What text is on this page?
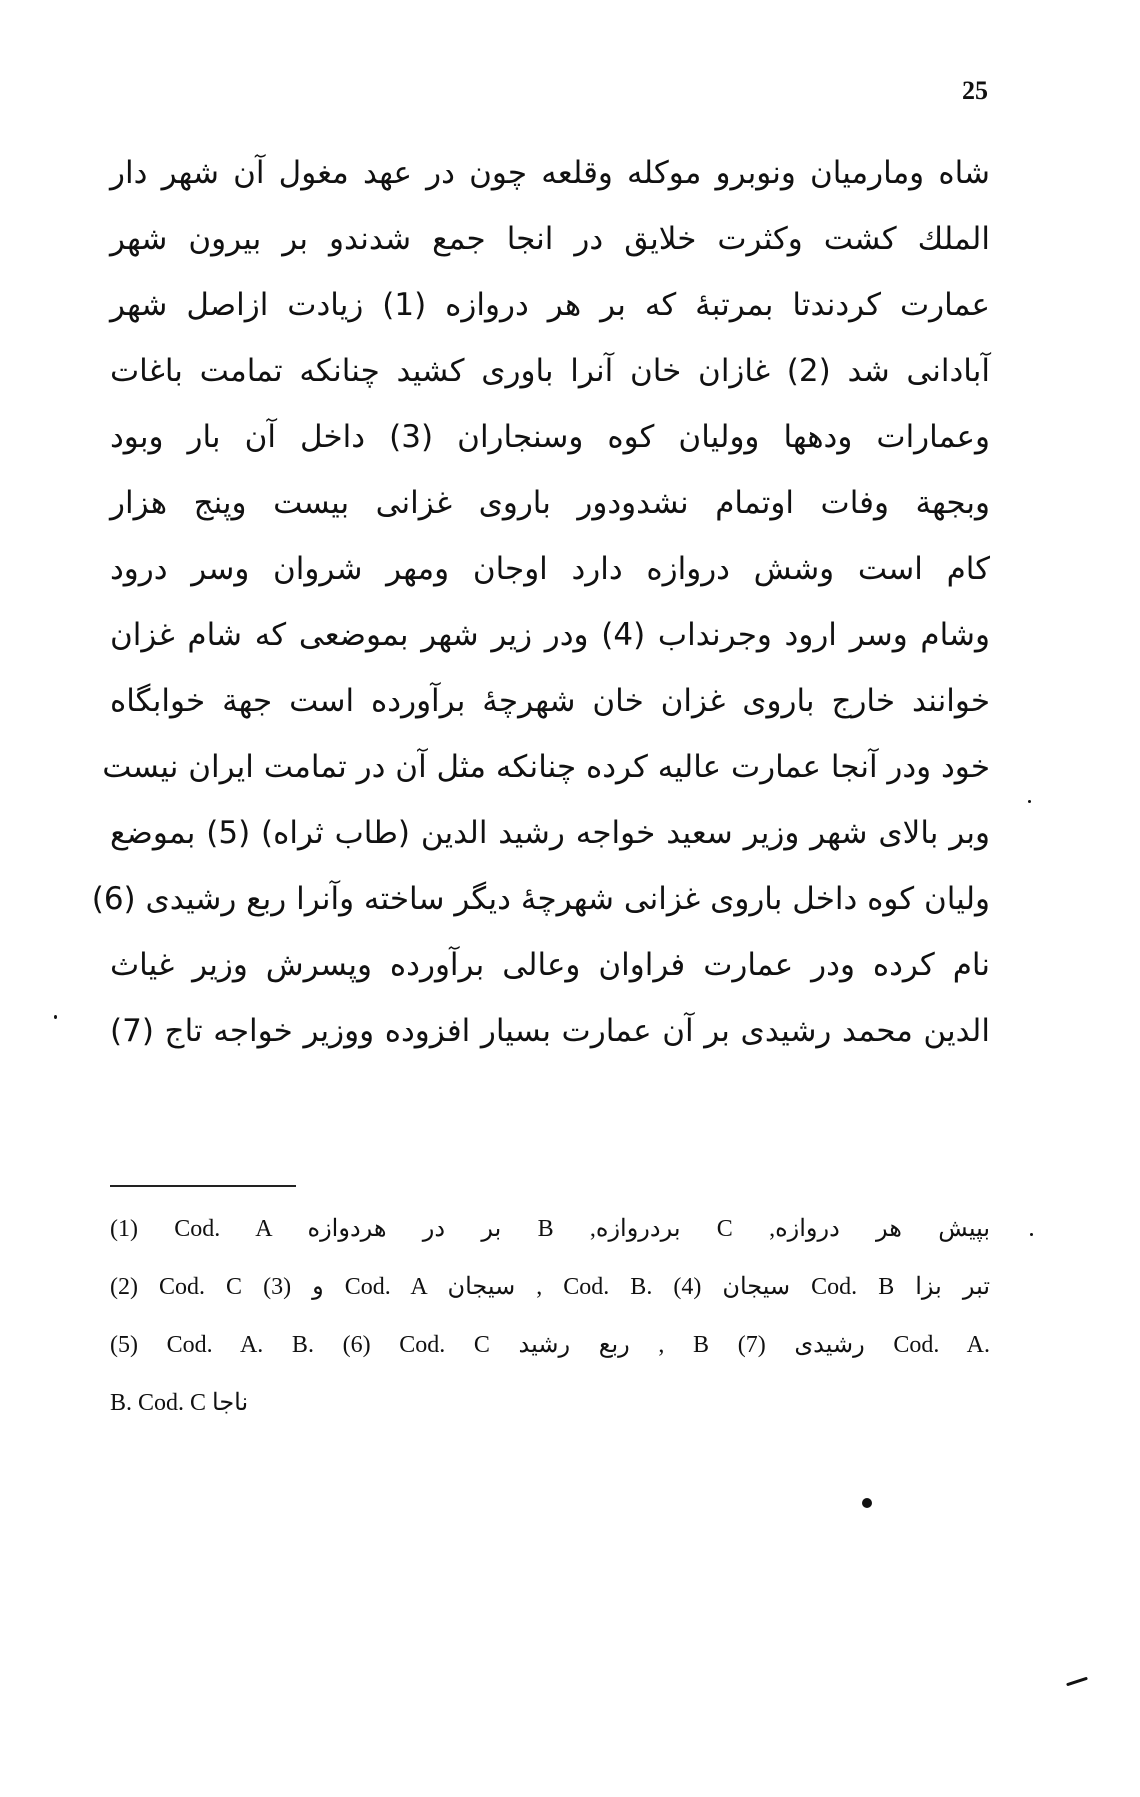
25
شاه ومارمیان ونوبرو موکله وقلعه چون در عهد مغول آن شهر دار
الملك کشت وکثرت خلایق در انجا جمع شدندو بر بیرون شهر
عمارت کردندتا بمرتبهٔ که بر هر دروازه (1) زیادت ازاصل شهر
آبادانی شد (2) غازان خان آنرا باوری کشید چنانکه تمامت باغات
وعمارات ودهها وولیان کوه وسنجاران (3) داخل آن بار وبود
وبجهة وفات اوتمام نشدودور باروی غزانی بیست وپنج هزار
کام است وشش دروازه دارد اوجان ومهر شروان وسر درود
وشام وسر ارود وجرنداب (4) ودر زیر شهر بموضعی که شام غزان
خوانند خارج باروی غزان خان شهرچهٔ برآورده است جهة خوابگاه
خود ودر آنجا عمارت عالیه کرده چنانکه مثل آن در تمامت ایران نیست
وبر بالای شهر وزیر سعید خواجه رشید الدین (طاب ثراه) (5) بموضع
ولیان کوه داخل باروی غزانی شهرچهٔ دیگر ساخته وآنرا ربع رشیدی (6)
نام کرده ودر عمارت فراوان وعالی برآورده وپسرش وزیر غیاث
الدین محمد رشیدی بر آن عمارت بسیار افزوده ووزیر خواجه تاج (7)
(1) Cod. A بر در هردوازه B ,بردروازه C ,بپیش هر دروازه
(2) Cod. C و (3) Cod. A سیجان , Cod. B. سیجان (4) Cod. B تبر بزا
(5) Cod. A. B. (6) Cod. C ربع رشید , B رشیدی (7) Cod. A.
B. Cod. C ناجا
